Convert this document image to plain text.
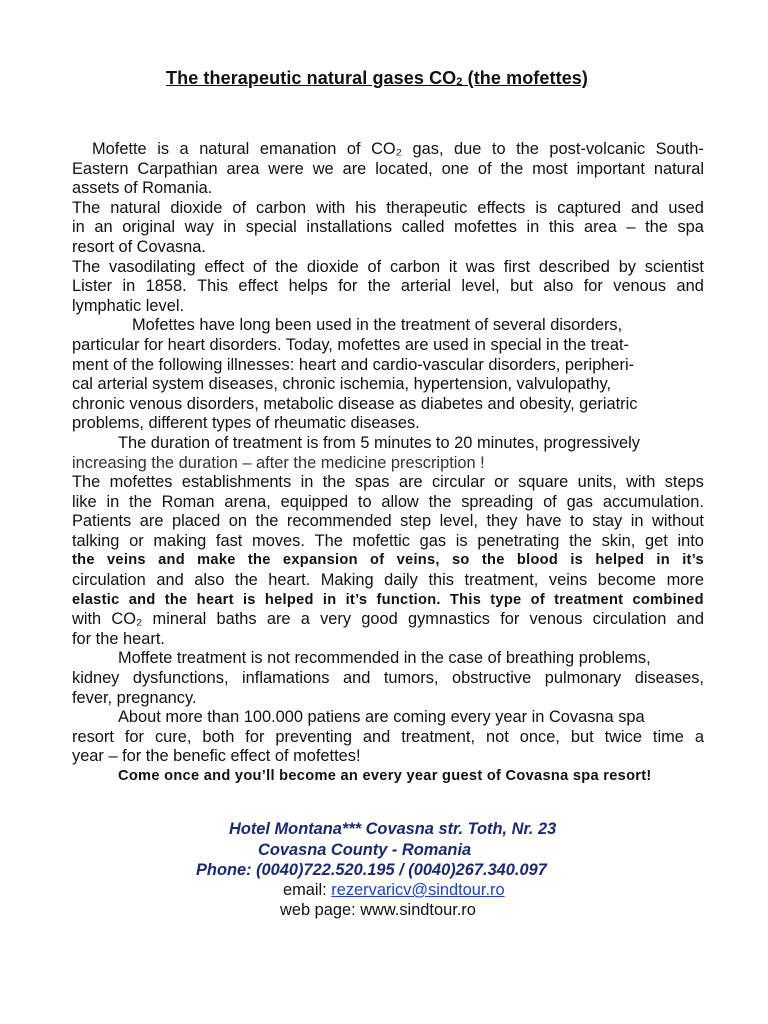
The therapeutic natural gases $CO_2$ (the mofettes)
Mofette is a natural emanation of CO₂ gas, due to the post-volcanic South-
Eastern Carpathian area were we are located, one of the most important natural
assets of Romania.
The natural dioxide of carbon with his therapeutic effects is captured and used
in an original way in special installations called mofettes in this area – the spa
resort of Covasna.
The vasodilating effect of the dioxide of carbon it was first described by scientist
Lister in 1858. This effect helps for the arterial level, but also for venous and
lymphatic level.
Mofettes have long been used in the treatment of several disorders,
particular for heart disorders. Today, mofettes are used in special in the treat-
ment of the following illnesses: heart and cardio-vascular disorders, peripheri-
cal arterial system diseases, chronic ischemia, hypertension, valvulopathy,
chronic venous disorders, metabolic disease as diabetes and obesity, geriatric
problems, different types of rheumatic diseases.
The duration of treatment is from 5 minutes to 20 minutes, progressively
increasing the duration – after the medicine prescription !
The mofettes establishments in the spas are circular or square units, with steps
like in the Roman arena, equipped to allow the spreading of gas accumulation.
Patients are placed on the recommended step level, they have to stay in without
talking or making fast moves. The mofettic gas is penetrating the skin, get into
the veins and make the expansion of veins, so the blood is helped in it’s
circulation and also the heart. Making daily this treatment, veins become more
elastic and the heart is helped in it’s function. This type of treatment combined
with CO₂ mineral baths are a very good gymnastics for venous circulation and
for the heart.
Moffete treatment is not recommended in the case of breathing problems,
kidney dysfunctions, inflamations and tumors, obstructive pulmonary diseases,
fever, pregnancy.
About more than 100.000 patiens are coming every year in Covasna spa
resort for cure, both for preventing and treatment, not once, but twice time a
year – for the benefic effect of mofettes!
Come once and you’ll become an every year guest of Covasna spa resort!
Hotel Montana*** Covasna str. Toth, Nr. 23
Covasna County - Romania
Phone: (0040)722.520.195 / (0040)267.340.097
email: rezervaricv@sindtour.ro
web page: www.sindtour.ro
